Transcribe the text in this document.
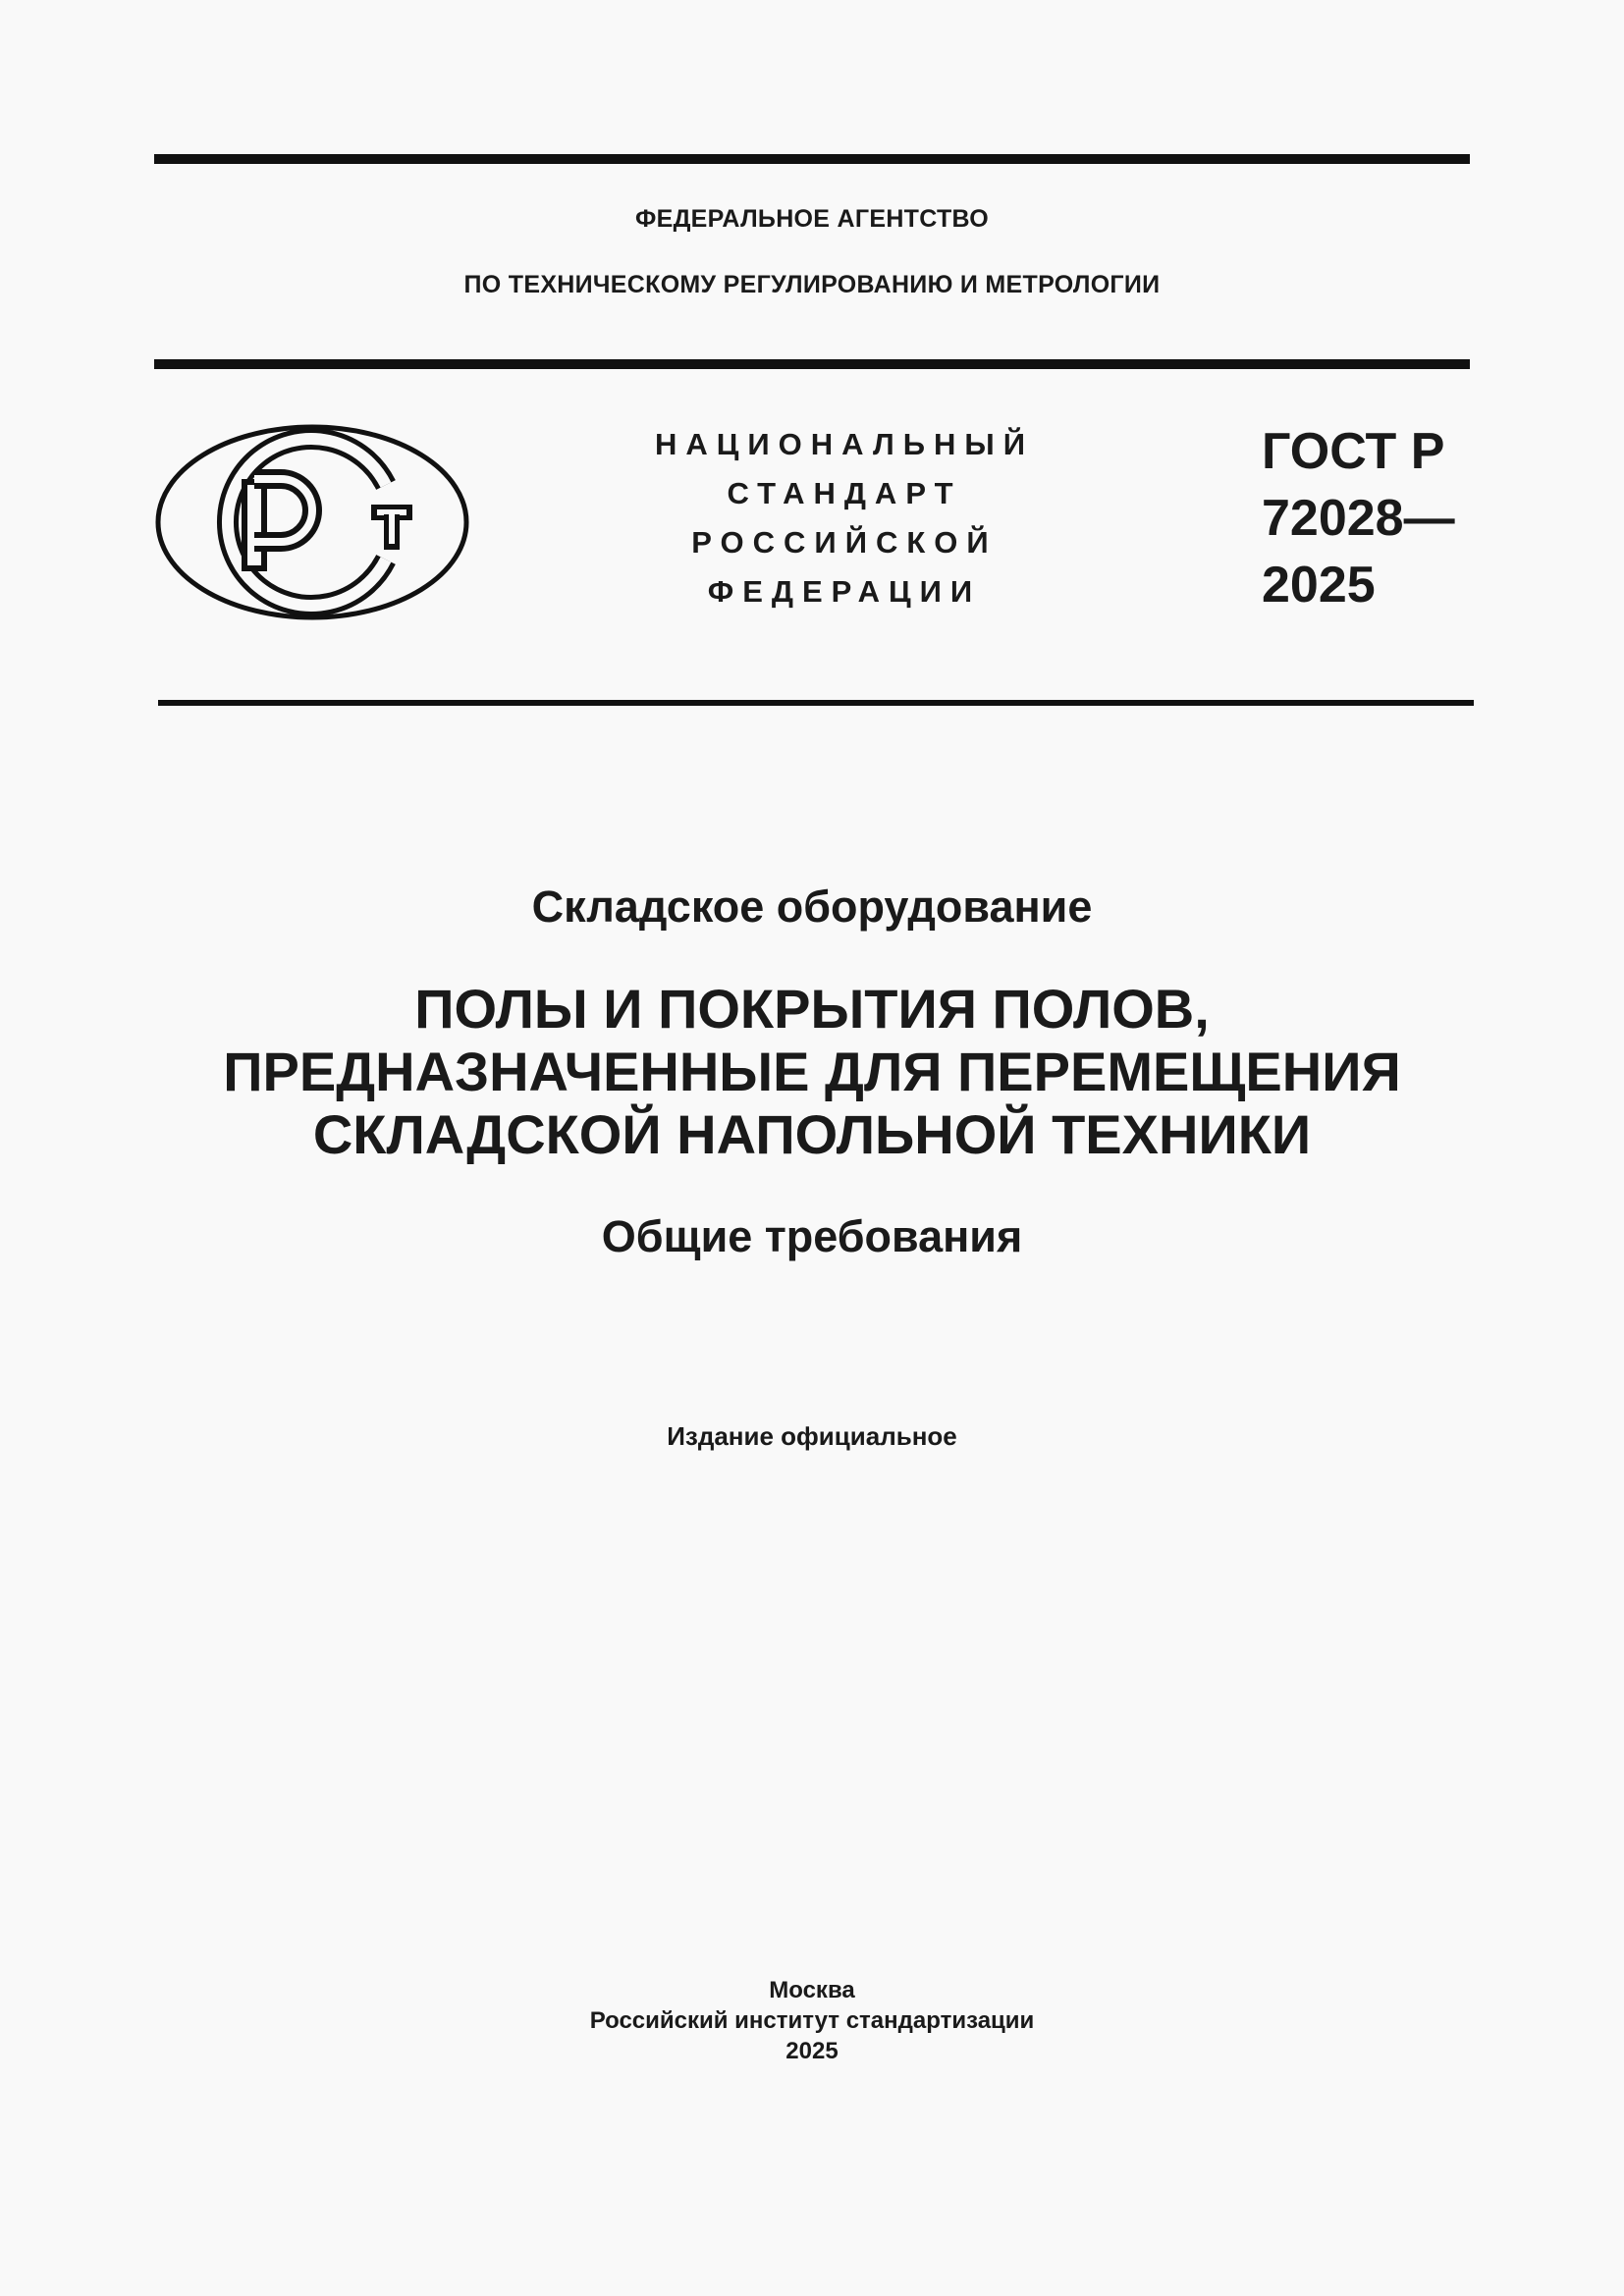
ФЕДЕРАЛЬНОЕ АГЕНТСТВО
ПО ТЕХНИЧЕСКОМУ РЕГУЛИРОВАНИЮ И МЕТРОЛОГИИ
НАЦИОНАЛЬНЫЙ
СТАНДАРТ
РОССИЙСКОЙ
ФЕДЕРАЦИИ
ГОСТ Р
72028—
2025
Складское оборудование
ПОЛЫ И ПОКРЫТИЯ ПОЛОВ,
ПРЕДНАЗНАЧЕННЫЕ ДЛЯ ПЕРЕМЕЩЕНИЯ
СКЛАДСКОЙ НАПОЛЬНОЙ ТЕХНИКИ
Общие требования
Издание официальное
Москва
Российский институт стандартизации
2025
